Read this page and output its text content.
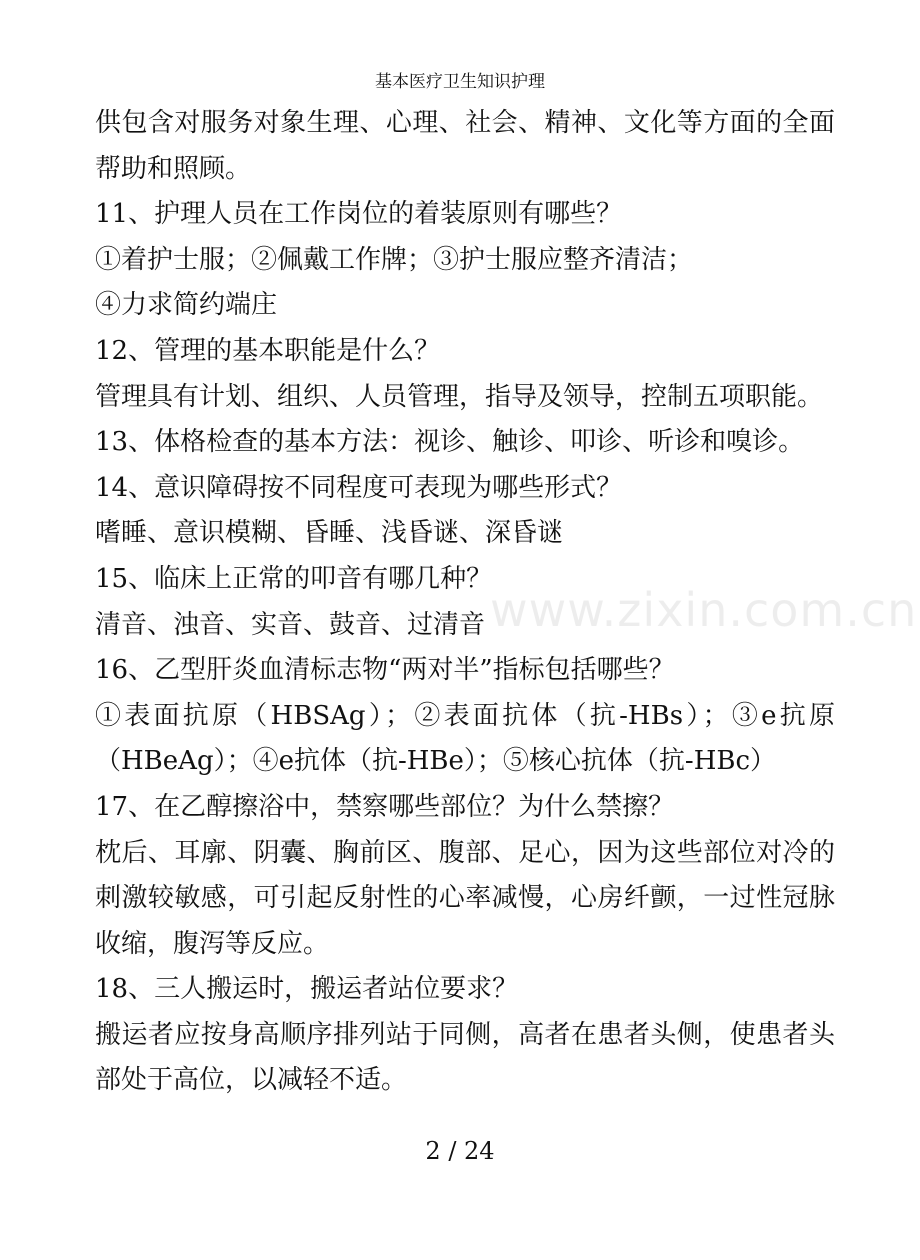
基本医疗卫生知识护理
www.zixin.com.cn
供包含对服务对象生理、心理、社会、精神、文化等方面的全面
帮助和照顾。
11、护理人员在工作岗位的着装原则有哪些？
①着护士服；②佩戴工作牌；③护士服应整齐清洁；
④力求简约端庄
12、管理的基本职能是什么？
管理具有计划、组织、人员管理，指导及领导，控制五项职能。
13、体格检查的基本方法：视诊、触诊、叩诊、听诊和嗅诊。
14、意识障碍按不同程度可表现为哪些形式？
嗜睡、意识模糊、昏睡、浅昏谜、深昏谜
15、临床上正常的叩音有哪几种？
清音、浊音、实音、鼓音、过清音
16、乙型肝炎血清标志物“两对半”指标包括哪些？
①表面抗原（HBSAg）；②表面抗体（抗-HBs）；③e抗原
（HBeAg）；④e抗体（抗-HBe）；⑤核心抗体（抗-HBc）
17、在乙醇擦浴中，禁察哪些部位？为什么禁擦？
枕后、耳廓、阴囊、胸前区、腹部、足心，因为这些部位对冷的
刺激较敏感，可引起反射性的心率减慢，心房纤颤，一过性冠脉
收缩，腹泻等反应。
18、三人搬运时，搬运者站位要求？
搬运者应按身高顺序排列站于同侧，高者在患者头侧，使患者头
部处于高位，以减轻不适。
2 / 24
